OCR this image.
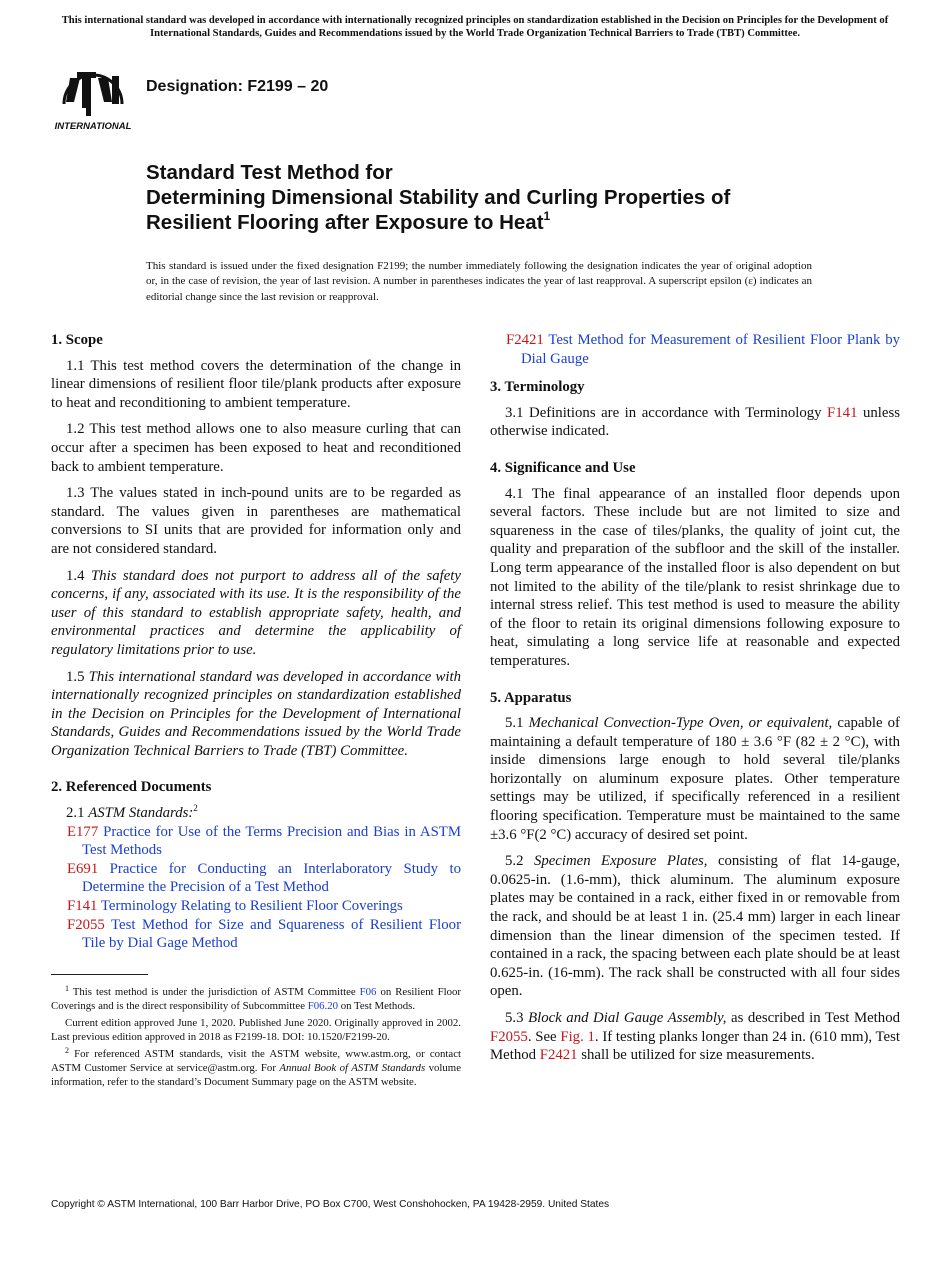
This international standard was developed in accordance with internationally recognized principles on standardization established in the Decision on Principles for the Development of International Standards, Guides and Recommendations issued by the World Trade Organization Technical Barriers to Trade (TBT) Committee.
INTERNATIONAL
Designation: F2199 – 20
Standard Test Method for
Determining Dimensional Stability and Curling Properties of
Resilient Flooring after Exposure to Heat$^1$
This standard is issued under the fixed designation F2199; the number immediately following the designation indicates the year of original adoption or, in the case of revision, the year of last revision. A number in parentheses indicates the year of last reapproval. A superscript epsilon (ε) indicates an editorial change since the last revision or reapproval.
1. Scope

1.1 This test method covers the determination of the change in linear dimensions of resilient floor tile/plank products after exposure to heat and reconditioning to ambient temperature.

1.2 This test method allows one to also measure curling that can occur after a specimen has been exposed to heat and reconditioned back to ambient temperature.

1.3 The values stated in inch-pound units are to be regarded as standard. The values given in parentheses are mathematical conversions to SI units that are provided for information only and are not considered standard.

1.4 This standard does not purport to address all of the safety concerns, if any, associated with its use. It is the responsibility of the user of this standard to establish appropriate safety, health, and environmental practices and determine the applicability of regulatory limitations prior to use.

1.5 This international standard was developed in accordance with internationally recognized principles on standardization established in the Decision on Principles for the Development of International Standards, Guides and Recommendations issued by the World Trade Organization Technical Barriers to Trade (TBT) Committee.

2. Referenced Documents
2.1 ASTM Standards:$^2$
E177 Practice for Use of the Terms Precision and Bias in ASTM Test Methods
E691 Practice for Conducting an Interlaboratory Study to Determine the Precision of a Test Method
F141 Terminology Relating to Resilient Floor Coverings
F2055 Test Method for Size and Squareness of Resilient Floor Tile by Dial Gage Method

$^1$ This test method is under the jurisdiction of ASTM Committee F06 on Resilient Floor Coverings and is the direct responsibility of Subcommittee F06.20 on Test Methods.

Current edition approved June 1, 2020. Published June 2020. Originally approved in 2002. Last previous edition approved in 2018 as F2199-18. DOI: 10.1520/F2199-20.

$^2$ For referenced ASTM standards, visit the ASTM website, www.astm.org, or contact ASTM Customer Service at service@astm.org. For Annual Book of ASTM Standards volume information, refer to the standard’s Document Summary page on the ASTM website.

F2421 Test Method for Measurement of Resilient Floor Plank by Dial Gauge
3. Terminology

3.1 Definitions are in accordance with Terminology F141 unless otherwise indicated.

4. Significance and Use

4.1 The final appearance of an installed floor depends upon several factors. These include but are not limited to size and squareness in the case of tiles/planks, the quality of joint cut, the quality and preparation of the subfloor and the skill of the installer. Long term appearance of the installed floor is also dependent on but not limited to the ability of the tile/plank to resist shrinkage due to internal stress relief. This test method is used to measure the ability of the floor to retain its original dimensions following exposure to heat, simulating a long service life at reasonable and expected temperatures.

5. Apparatus

5.1 Mechanical Convection-Type Oven, or equivalent, capable of maintaining a default temperature of 180 ± 3.6 °F (82 ± 2 °C), with inside dimensions large enough to hold several tile/planks horizontally on aluminum exposure plates. Other temperature settings may be utilized, if specifically referenced in a resilient flooring specification. Temperature must be maintained to the same ±3.6 °F(2 °C) accuracy of desired set point.

5.2 Specimen Exposure Plates, consisting of flat 14-gauge, 0.0625-in. (1.6-mm), thick aluminum. The aluminum exposure plates may be contained in a rack, either fixed in or removable from the rack, and should be at least 1 in. (25.4 mm) larger in each linear dimension than the linear dimension of the specimen tested. If contained in a rack, the spacing between each plate should be at least 0.625-in. (16-mm). The rack shall be constructed with all four sides open.

5.3 Block and Dial Gauge Assembly, as described in Test Method F2055. See Fig. 1. If testing planks longer than 24 in. (610 mm), Test Method F2421 shall be utilized for size measurements.

Copyright © ASTM International, 100 Barr Harbor Drive, PO Box C700, West Conshohocken, PA 19428-2959. United States
